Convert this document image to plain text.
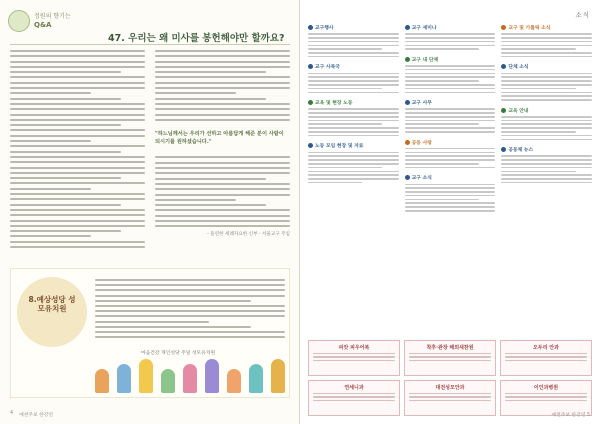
정원의 향기는
Q&A
47. 우리는 왜 미사를 봉헌해야만 할까요?
"하느님께서는 우리가 선하고 아름답게 해준 분이 사람이 되시기를 원하셨습니다."
- 돌연한 세례자요한 신부 · 서울교구 주임
8.예상성당 성모유치원
마음건강 개인성당 주일 성모유치원
4 예천주보 한강연
소식
교구행사
교구 사목국
교육 및 현장 노동
노동 모임 현장 및 자료
교구 세미나
교구 내 단체
교구 사무
공동 사랑
교구 소식
교구 및 가톨릭 소식
단체 소식
교육 안내
공동체 뉴스
피앗 피우어복	착후·관장 해외새찬원	오두리 안과
연세니과	대전성모안과	이인과병원
예천주보 한강연 5
